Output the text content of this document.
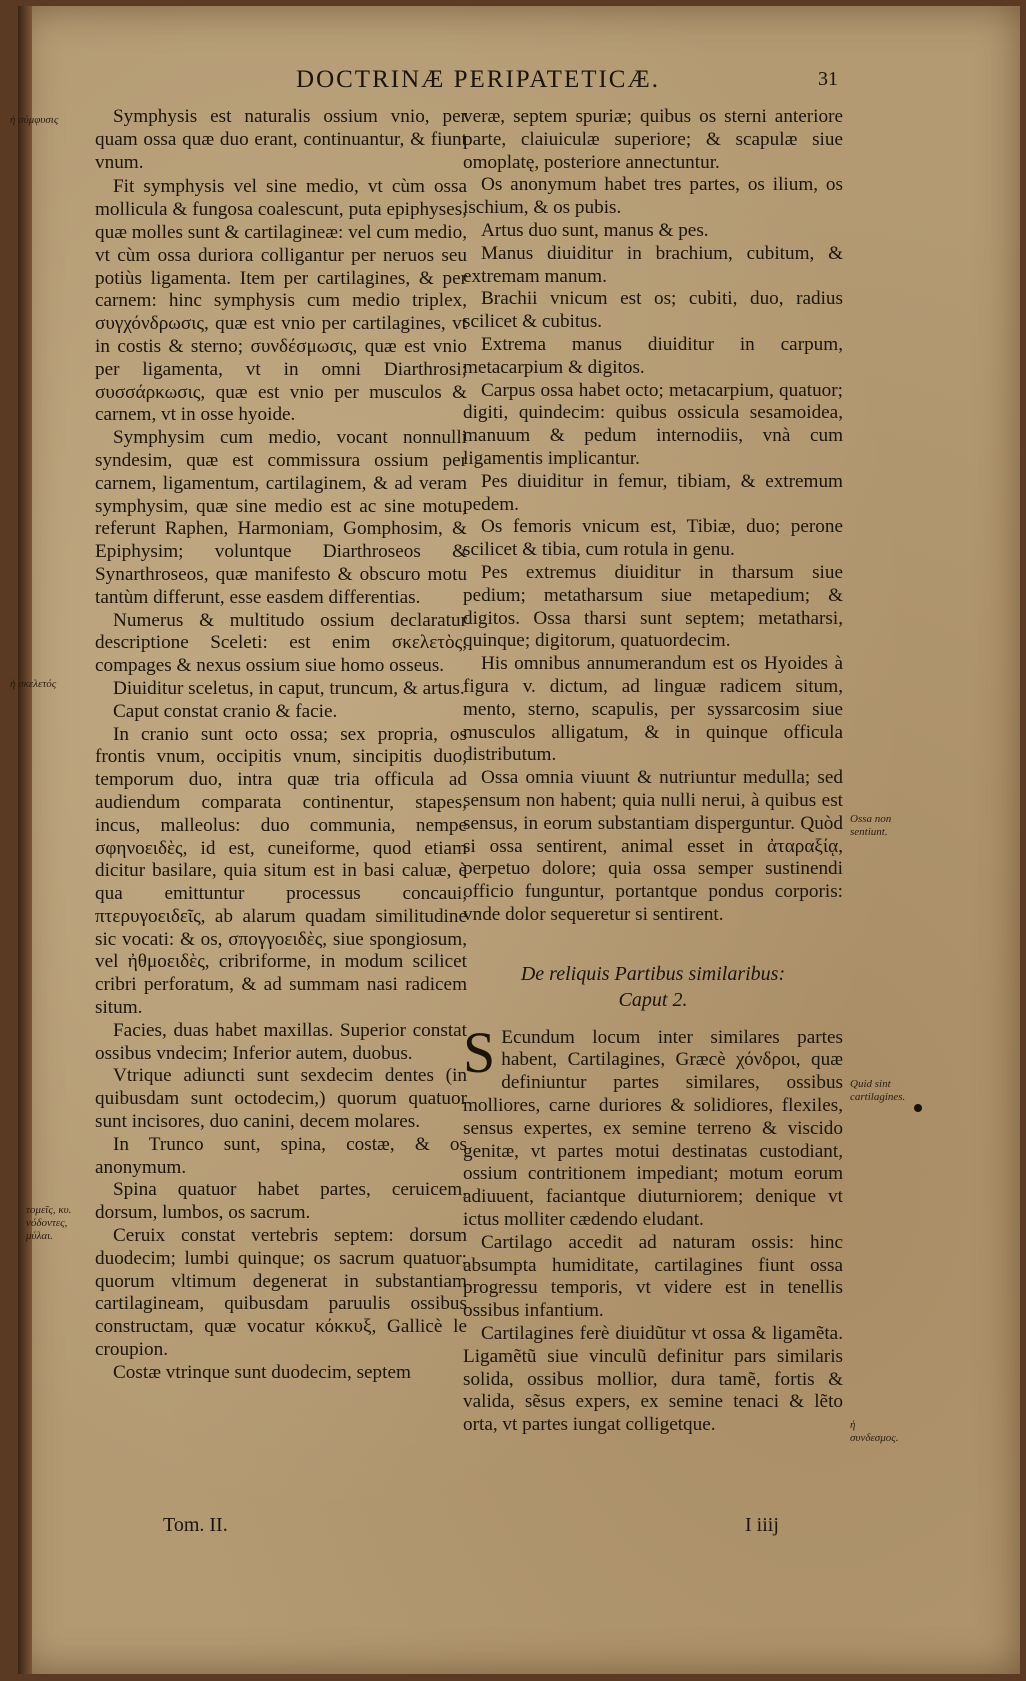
DOCTRINÆ PERIPATETICÆ.	31
ἡ σύμφυσις
ἡ σκελετός
τομεῖς, κυ. νόδοντες, μύλαι.
Ossa non sentiunt.
Quid sint cartilagines.
ἡ συνδεσμος.

Symphysis est naturalis ossium vnio, per quam ossa quæ duo erant, continuantur, & fiunt vnum.

Fit symphysis vel sine medio, vt cùm ossa mollicula & fungosa coalescunt, puta epiphyses, quæ molles sunt & cartilagineæ: vel cum medio, vt cùm ossa duriora colligantur per neruos seu potiùs ligamenta. Item per cartilagines, & per carnem: hinc symphysis cum medio triplex, συγχόνδρωσις, quæ est vnio per cartilagines, vt in costis & sterno; συνδέσμωσις, quæ est vnio per ligamenta, vt in omni Diarthrosi; συσσάρκωσις, quæ est vnio per musculos & carnem, vt in osse hyoide.

Symphysim cum medio, vocant nonnulli syndesim, quæ est commissura ossium per carnem, ligamentum, cartilaginem, & ad veram symphysim, quæ sine medio est ac sine motu, referunt Raphen, Harmoniam, Gomphosim, & Epiphysim; voluntque Diarthroseos & Synarthroseos, quæ manifesto & obscuro motu tantùm differunt, esse easdem differentias.

Numerus & multitudo ossium declaratur descriptione Sceleti: est enim σκελετὸς, compages & nexus ossium siue homo osseus.

Diuiditur sceletus, in caput, truncum, & artus.

Caput constat cranio & facie.

In cranio sunt octo ossa; sex propria, os frontis vnum, occipitis vnum, sincipitis duo, temporum duo, intra quæ tria officula ad audiendum comparata continentur, stapes, incus, malleolus: duo communia, nempe σφηνοειδὲς, id est, cuneiforme, quod etiam dicitur basilare, quia situm est in basi caluæ, è qua emittuntur processus concaui, πτερυγοειδεῖς, ab alarum quadam similitudine sic vocati: & os, σπογγοειδὲς, siue spongiosum, vel ἠθμοειδὲς, cribriforme, in modum scilicet cribri perforatum, & ad summam nasi radicem situm.

Facies, duas habet maxillas. Superior constat ossibus vndecim; Inferior autem, duobus.

Vtrique adiuncti sunt sexdecim dentes (in quibusdam sunt octodecim,) quorum quatuor sunt incisores, duo canini, decem molares.

In Trunco sunt, spina, costæ, & os anonymum.

Spina quatuor habet partes, ceruicem, dorsum, lumbos, os sacrum.

Ceruix constat vertebris septem: dorsum duodecim; lumbi quinque; os sacrum quatuor; quorum vltimum degenerat in substantiam cartilagineam, quibusdam paruulis ossibus constructam, quæ vocatur κόκκυξ, Gallicè le croupion.

Costæ vtrinque sunt duodecim, septem

veræ, septem spuriæ; quibus os sterni anteriore parte, claiuiculæ superiore; & scapulæ siue omoplatę, posteriore annectuntur.

Os anonymum habet tres partes, os ilium, os ischium, & os pubis.

Artus duo sunt, manus & pes.

Manus diuiditur in brachium, cubitum, & extremam manum.

Brachii vnicum est os; cubiti, duo, radius scilicet & cubitus.

Extrema manus diuiditur in carpum, metacarpium & digitos.

Carpus ossa habet octo; metacarpium, quatuor; digiti, quindecim: quibus ossicula sesamoidea, manuum & pedum internodiis, vnà cum ligamentis implicantur.

Pes diuiditur in femur, tibiam, & extremum pedem.

Os femoris vnicum est, Tibiæ, duo; perone scilicet & tibia, cum rotula in genu.

Pes extremus diuiditur in tharsum siue pedium; metatharsum siue metapedium; & digitos. Ossa tharsi sunt septem; metatharsi, quinque; digitorum, quatuordecim.

His omnibus annumerandum est os Hyoides à figura v. dictum, ad linguæ radicem situm, mento, sterno, scapulis, per syssarcosim siue musculos alligatum, & in quinque officula distributum.

Ossa omnia viuunt & nutriuntur medulla; sed sensum non habent; quia nulli nerui, à quibus est sensus, in eorum substantiam disperguntur. Quòd si ossa sentirent, animal esset in ἀταραξίᾳ, perpetuo dolore; quia ossa semper sustinendi officio funguntur, portantque pondus corporis: vnde dolor sequeretur si sentirent.

De reliquis Partibus similaribus:
Caput 2.

S Ecundum locum inter similares partes habent, Cartilagines, Græcè χόνδροι, quæ definiuntur partes similares, ossibus molliores, carne duriores & solidiores, flexiles, sensus expertes, ex semine terreno & viscido genitæ, vt partes motui destinatas custodiant, ossium contritionem impediant; motum eorum adiuuent, faciantque diuturniorem; denique vt ictus molliter cædendo eludant.

Cartilago accedit ad naturam ossis: hinc absumpta humiditate, cartilagines fiunt ossa progressu temporis, vt videre est in tenellis ossibus infantium.

Cartilagines ferè diuidũtur vt ossa & ligamẽta. Ligamẽtũ siue vinculũ definitur pars similaris solida, ossibus mollior, dura tamẽ, fortis & valida, sẽsus expers, ex semine tenaci & lẽto orta, vt partes iungat colligetque.

Tom. II.	I iiij
